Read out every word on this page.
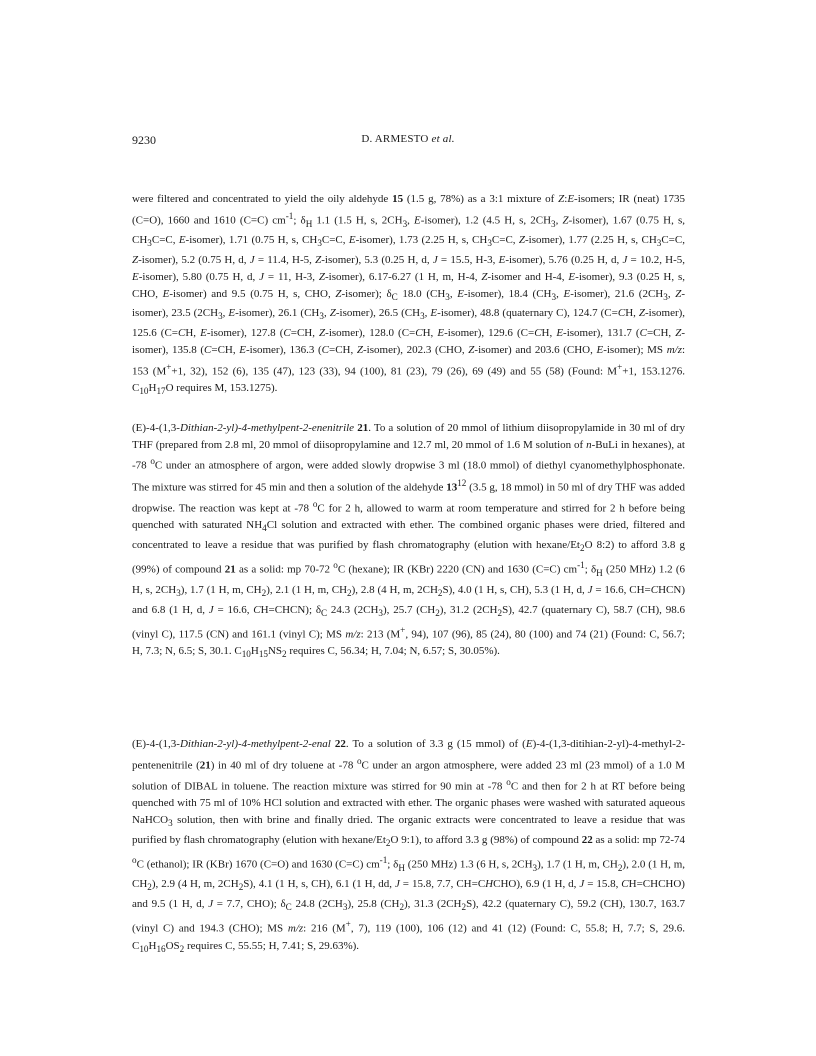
9230	D. ARMESTO et al.

were filtered and concentrated to yield the oily aldehyde 15 (1.5 g, 78%) as a 3:1 mixture of Z:E-isomers; IR (neat) 1735 (C=O), 1660 and 1610 (C=C) $cm^{-1}$; $\delta_H$ 1.1 (1.5 H, s, $2CH_3$, E-isomer), 1.2 (4.5 H, s, $2CH_3$, Z-isomer), 1.67 (0.75 H, s, $CH_3C=C$, E-isomer), 1.71 (0.75 H, s, $CH_3C=C$, E-isomer), 1.73 (2.25 H, s, $CH_3C=C$, Z-isomer), 1.77 (2.25 H, s, $CH_3C=C$, Z-isomer), 5.2 (0.75 H, d, J = 11.4, H-5, Z-isomer), 5.3 (0.25 H, d, J = 15.5, H-3, E-isomer), 5.76 (0.25 H, d, J = 10.2, H-5, E-isomer), 5.80 (0.75 H, d, J = 11, H-3, Z-isomer), 6.17-6.27 (1 H, m, H-4, Z-isomer and H-4, E-isomer), 9.3 (0.25 H, s, CHO, E-isomer) and 9.5 (0.75 H, s, CHO, Z-isomer); $\delta_C$ 18.0 ($CH_3$, E-isomer), 18.4 ($CH_3$, E-isomer), 21.6 ($2CH_3$, Z-isomer), 23.5 ($2CH_3$, E-isomer), 26.1 ($CH_3$, Z-isomer), 26.5 ($CH_3$, E-isomer), 48.8 (quaternary C), 124.7 (C=CH, Z-isomer), 125.6 (C=CH, E-isomer), 127.8 (C=CH, Z-isomer), 128.0 (C=CH, E-isomer), 129.6 (C=CH, E-isomer), 131.7 (C=CH, Z-isomer), 135.8 (C=CH, E-isomer), 136.3 (C=CH, Z-isomer), 202.3 (CHO, Z-isomer) and 203.6 (CHO, E-isomer); MS m/z: 153 (M++1, 32), 152 (6), 135 (47), 123 (33), 94 (100), 81 (23), 79 (26), 69 (49) and 55 (58) (Found: M++1, 153.1276. $C_{10}H_{17}O$ requires M, 153.1275).

(E)-4-(1,3-Dithian-2-yl)-4-methylpent-2-enenitrile 21. To a solution of 20 mmol of lithium diisopropylamide in 30 ml of dry THF (prepared from 2.8 ml, 20 mmol of diisopropylamine and 12.7 ml, 20 mmol of 1.6 M solution of n-BuLi in hexanes), at -78 $^o$C under an atmosphere of argon, were added slowly dropwise 3 ml (18.0 mmol) of diethyl cyanomethylphosphonate. The mixture was stirred for 45 min and then a solution of the aldehyde $13^{12}$ (3.5 g, 18 mmol) in 50 ml of dry THF was added dropwise. The reaction was kept at -78 $^o$C for 2 h, allowed to warm at room temperature and stirred for 2 h before being quenched with saturated $NH_4Cl$ solution and extracted with ether. The combined organic phases were dried, filtered and concentrated to leave a residue that was purified by flash chromatography (elution with hexane/$Et_2O$ 8:2) to afford 3.8 g (99%) of compound 21 as a solid: mp 70-72 $^o$C (hexane); IR (KBr) 2220 (CN) and 1630 (C=C) $cm^{-1}$; $\delta_H$ (250 MHz) 1.2 (6 H, s, $2CH_3$), 1.7 (1 H, m, $CH_2$), 2.1 (1 H, m, $CH_2$), 2.8 (4 H, m, $2CH_2S$), 4.0 (1 H, s, CH), 5.3 (1 H, d, J = 16.6, CH=CHCN) and 6.8 (1 H, d, J = 16.6, CH=CHCN); $\delta_C$ 24.3 $(2CH_3)$, 25.7 $(CH_2)$, 31.2 $(2CH_2S)$, 42.7 (quaternary C), 58.7 (CH), 98.6 (vinyl C), 117.5 (CN) and 161.1 (vinyl C); MS m/z: 213 (M+, 94), 107 (96), 85 (24), 80 (100) and 74 (21) (Found: C, 56.7; H, 7.3; N, 6.5; S, 30.1. $C_{10}H_{15}NS_2$ requires C, 56.34; H, 7.04; N, 6.57; S, 30.05%).

(E)-4-(1,3-Dithian-2-yl)-4-methylpent-2-enal 22. To a solution of 3.3 g (15 mmol) of (E)-4-(1,3-ditihian-2-yl)-4-methyl-2-pentenenitrile (21) in 40 ml of dry toluene at -78 $^o$C under an argon atmosphere, were added 23 ml (23 mmol) of a 1.0 M solution of DIBAL in toluene. The reaction mixture was stirred for 90 min at -78 $^o$C and then for 2 h at RT before being quenched with 75 ml of 10% HCl solution and extracted with ether. The organic phases were washed with saturated aqueous NaHCO$_3$ solution, then with brine and finally dried. The organic extracts were concentrated to leave a residue that was purified by flash chromatography (elution with hexane/$Et_2O$ 9:1), to afford 3.3 g (98%) of compound 22 as a solid: mp 72-74 $^o$C (ethanol); IR (KBr) 1670 (C=O) and 1630 (C=C) $cm^{-1}$; $\delta_H$ (250 MHz) 1.3 (6 H, s, $2CH_3$), 1.7 (1 H, m, $CH_2$), 2.0 (1 H, m, $CH_2$), 2.9 (4 H, m, $2CH_2S$), 4.1 (1 H, s, CH), 6.1 (1 H, dd, J = 15.8, 7.7, CH=CHCHO), 6.9 (1 H, d, J = 15.8, CH=CHCHO) and 9.5 (1 H, d, J = 7.7, CHO); $\delta_C$ 24.8 $(2CH_3)$, 25.8 $(CH_2)$, 31.3 $(2CH_2S)$, 42.2 (quaternary C), 59.2 (CH), 130.7, 163.7 (vinyl C) and 194.3 (CHO); MS m/z: 216 (M+, 7), 119 (100), 106 (12) and 41 (12) (Found: C, 55.8; H, 7.7; S, 29.6. $C_{10}H_{16}OS_2$ requires C, 55.55; H, 7.41; S, 29.63%).
